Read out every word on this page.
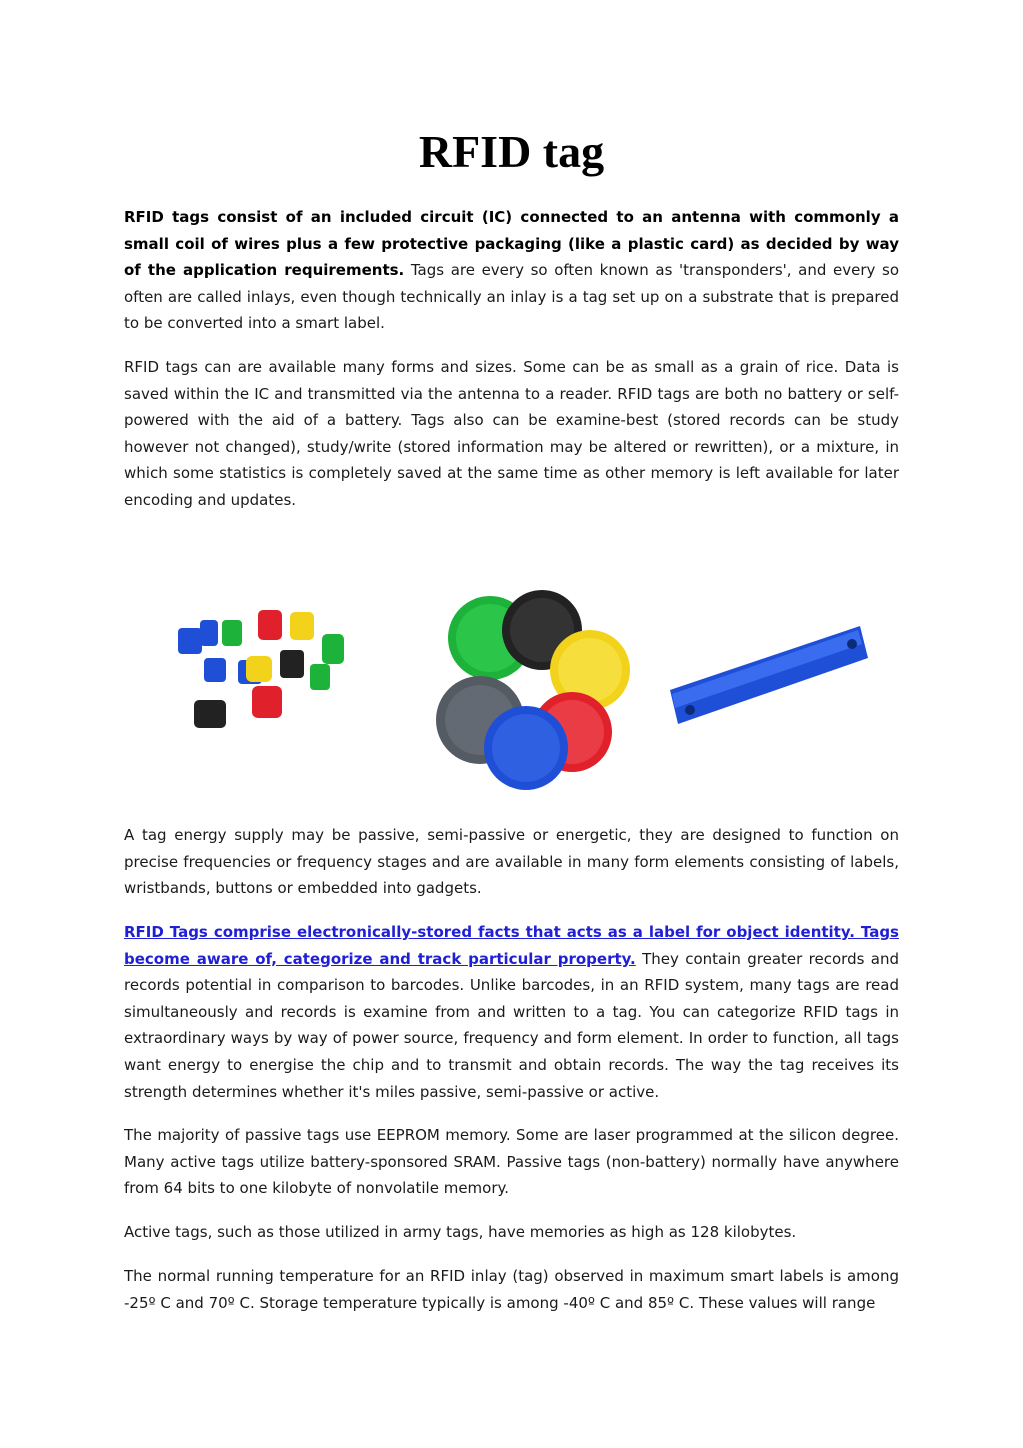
RFID tag

RFID tags consist of an included circuit (IC) connected to an antenna with commonly a small coil of wires plus a few protective packaging (like a plastic card) as decided by way of the application requirements. Tags are every so often known as 'transponders', and every so often are called inlays, even though technically an inlay is a tag set up on a substrate that is prepared to be converted into a smart label.

RFID tags can are available many forms and sizes. Some can be as small as a grain of rice. Data is saved within the IC and transmitted via the antenna to a reader. RFID tags are both no battery or self-powered with the aid of a battery. Tags also can be examine-best (stored records can be study however not changed), study/write (stored information may be altered or rewritten), or a mixture, in which some statistics is completely saved at the same time as other memory is left available for later encoding and updates.

A tag energy supply may be passive, semi-passive or energetic, they are designed to function on precise frequencies or frequency stages and are available in many form elements consisting of labels, wristbands, buttons or embedded into gadgets.

RFID Tags comprise electronically-stored facts that acts as a label for object identity. Tags become aware of, categorize and track particular property. They contain greater records and records potential in comparison to barcodes. Unlike barcodes, in an RFID system, many tags are read simultaneously and records is examine from and written to a tag. You can categorize RFID tags in extraordinary ways by way of power source, frequency and form element. In order to function, all tags want energy to energise the chip and to transmit and obtain records. The way the tag receives its strength determines whether it's miles passive, semi-passive or active.

The majority of passive tags use EEPROM memory. Some are laser programmed at the silicon degree. Many active tags utilize battery-sponsored SRAM. Passive tags (non-battery) normally have anywhere from 64 bits to one kilobyte of nonvolatile memory.

Active tags, such as those utilized in army tags, have memories as high as 128 kilobytes.

The normal running temperature for an RFID inlay (tag) observed in maximum smart labels is among -25º C and 70º C. Storage temperature typically is among -40º C and 85º C. These values will range
